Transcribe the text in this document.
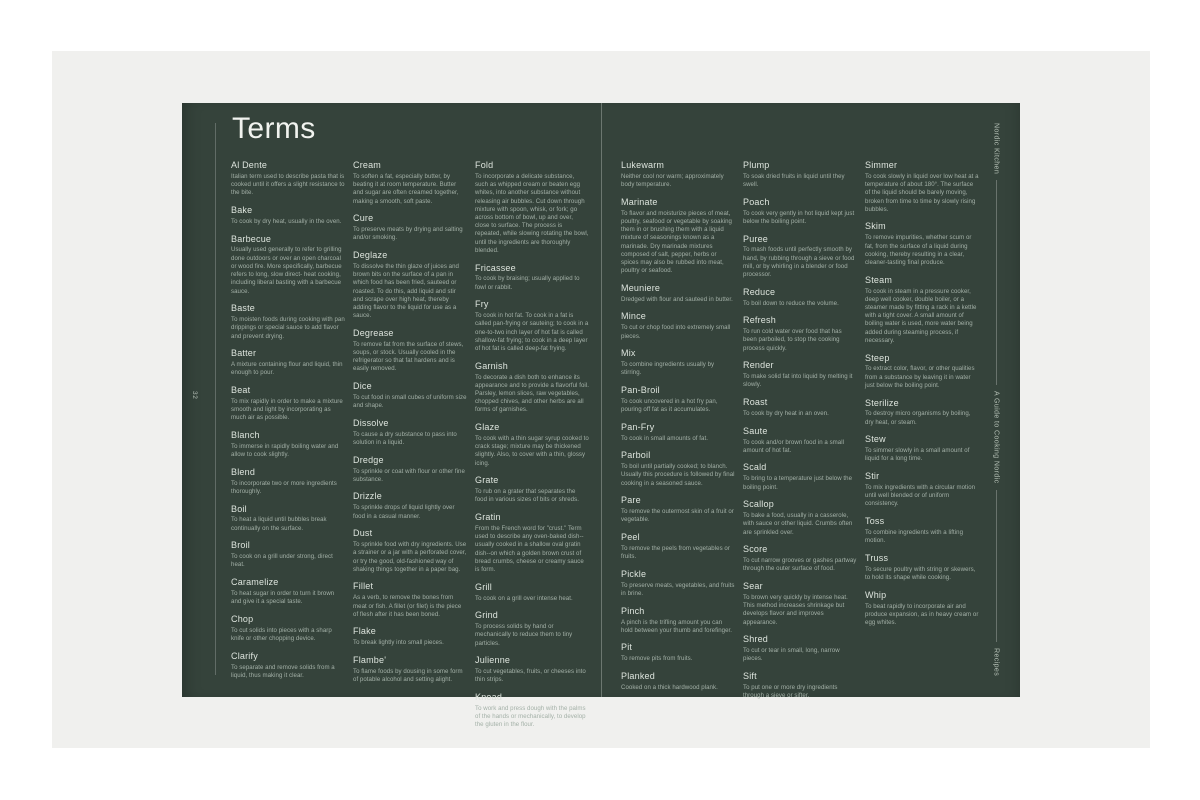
32
Terms
Al Dente
Italian term used to describe pasta that is cooked until it offers a slight resistance to the bite.
Bake
To cook by dry heat, usually in the oven.
Barbecue
Usually used generally to refer to grilling done outdoors or over an open charcoal or wood fire. More specifically, barbecue refers to long, slow direct- heat cooking, including liberal basting with a barbecue sauce.
Baste
To moisten foods during cooking with pan drippings or special sauce to add flavor and prevent drying.
Batter
A mixture containing flour and liquid, thin enough to pour.
Beat
To mix rapidly in order to make a mixture smooth and light by incorporating as much air as possible.
Blanch
To immerse in rapidly boiling water and allow to cook slightly.
Blend
To incorporate two or more ingredients thoroughly.
Boil
To heat a liquid until bubbles break continually on the surface.
Broil
To cook on a grill under strong, direct heat.
Caramelize
To heat sugar in order to turn it brown and give it a special taste.
Chop
To cut solids into pieces with a sharp knife or other chopping device.
Clarify
To separate and remove solids from a liquid, thus making it clear.
Cream
To soften a fat, especially butter, by beating it at room temperature. Butter and sugar are often creamed together, making a smooth, soft paste.
Cure
To preserve meats by drying and salting and/or smoking.
Deglaze
To dissolve the thin glaze of juices and brown bits on the surface of a pan in which food has been fried, sauteed or roasted. To do this, add liquid and stir and scrape over high heat, thereby adding flavor to the liquid for use as a sauce.
Degrease
To remove fat from the surface of stews, soups, or stock. Usually cooled in the refrigerator so that fat hardens and is easily removed.
Dice
To cut food in small cubes of uniform size and shape.
Dissolve
To cause a dry substance to pass into solution in a liquid.
Dredge
To sprinkle or coat with flour or other fine substance.
Drizzle
To sprinkle drops of liquid lightly over food in a casual manner.
Dust
To sprinkle food with dry ingredients. Use a strainer or a jar with a perforated cover, or try the good, old-fashioned way of shaking things together in a paper bag.
Fillet
As a verb, to remove the bones from meat or fish. A fillet (or filet) is the piece of flesh after it has been boned.
Flake
To break lightly into small pieces.
Flambe'
To flame foods by dousing in some form of potable alcohol and setting alight.
Fold
To incorporate a delicate substance, such as whipped cream or beaten egg whites, into another substance without releasing air bubbles. Cut down through mixture with spoon, whisk, or fork; go across bottom of bowl, up and over, close to surface. The process is repeated, while slowing rotating the bowl, until the ingredients are thoroughly blended.
Fricassee
To cook by braising; usually applied to fowl or rabbit.
Fry
To cook in hot fat. To cook in a fat is called pan-frying or sauteing; to cook in a one-to-two inch layer of hot fat is called shallow-fat frying; to cook in a deep layer of hot fat is called deep-fat frying.
Garnish
To decorate a dish both to enhance its appearance and to provide a flavorful foil. Parsley, lemon slices, raw vegetables, chopped chives, and other herbs are all forms of garnishes.
Glaze
To cook with a thin sugar syrup cooked to crack stage; mixture may be thickened slightly. Also, to cover with a thin, glossy icing.
Grate
To rub on a grater that separates the food in various sizes of bits or shreds.
Gratin
From the French word for "crust." Term used to describe any oven-baked dish--usually cooked in a shallow oval gratin dish--on which a golden brown crust of bread crumbs, cheese or creamy sauce is form.
Grill
To cook on a grill over intense heat.
Grind
To process solids by hand or mechanically to reduce them to tiny particles.
Julienne
To cut vegetables, fruits, or cheeses into thin strips.
Knead
To work and press dough with the palms of the hands or mechanically, to develop the gluten in the flour.
Lukewarm
Neither cool nor warm; approximately body temperature.
Marinate
To flavor and moisturize pieces of meat, poultry, seafood or vegetable by soaking them in or brushing them with a liquid mixture of seasonings known as a marinade. Dry marinade mixtures composed of salt, pepper, herbs or spices may also be rubbed into meat, poultry or seafood.
Meuniere
Dredged with flour and sauteed in butter.
Mince
To cut or chop food into extremely small pieces.
Mix
To combine ingredients usually by stirring.
Pan-Broil
To cook uncovered in a hot fry pan, pouring off fat as it accumulates.
Pan-Fry
To cook in small amounts of fat.
Parboil
To boil until partially cooked; to blanch. Usually this procedure is followed by final cooking in a seasoned sauce.
Pare
To remove the outermost skin of a fruit or vegetable.
Peel
To remove the peels from vegetables or fruits.
Pickle
To preserve meats, vegetables, and fruits in brine.
Pinch
A pinch is the trifling amount you can hold between your thumb and forefinger.
Pit
To remove pits from fruits.
Planked
Cooked on a thick hardwood plank.
Plump
To soak dried fruits in liquid until they swell.
Poach
To cook very gently in hot liquid kept just below the boiling point.
Puree
To mash foods until perfectly smooth by hand, by rubbing through a sieve or food mill, or by whirling in a blender or food processor.
Reduce
To boil down to reduce the volume.
Refresh
To run cold water over food that has been parboiled, to stop the cooking process quickly.
Render
To make solid fat into liquid by melting it slowly.
Roast
To cook by dry heat in an oven.
Saute
To cook and/or brown food in a small amount of hot fat.
Scald
To bring to a temperature just below the boiling point.
Scallop
To bake a food, usually in a casserole, with sauce or other liquid. Crumbs often are sprinkled over.
Score
To cut narrow grooves or gashes partway through the outer surface of food.
Sear
To brown very quickly by intense heat. This method increases shrinkage but develops flavor and improves appearance.
Shred
To cut or tear in small, long, narrow pieces.
Sift
To put one or more dry ingredients through a sieve or sifter.
Simmer
To cook slowly in liquid over low heat at a temperature of about 180°. The surface of the liquid should be barely moving, broken from time to time by slowly rising bubbles.
Skim
To remove impurities, whether scum or fat, from the surface of a liquid during cooking, thereby resulting in a clear, cleaner-tasting final produce.
Steam
To cook in steam in a pressure cooker, deep well cooker, double boiler, or a steamer made by fitting a rack in a kettle with a tight cover. A small amount of boiling water is used, more water being added during steaming process, if necessary.
Steep
To extract color, flavor, or other qualities from a substance by leaving it in water just below the boiling point.
Sterilize
To destroy micro organisms by boiling, dry heat, or steam.
Stew
To simmer slowly in a small amount of liquid for a long time.
Stir
To mix ingredients with a circular motion until well blended or of uniform consistency.
Toss
To combine ingredients with a lifting motion.
Truss
To secure poultry with string or skewers, to hold its shape while cooking.
Whip
To beat rapidly to incorporate air and produce expansion, as in heavy cream or egg whites.
Nordic Kitchen
A Guide to Cooking Nordic
Recipes
